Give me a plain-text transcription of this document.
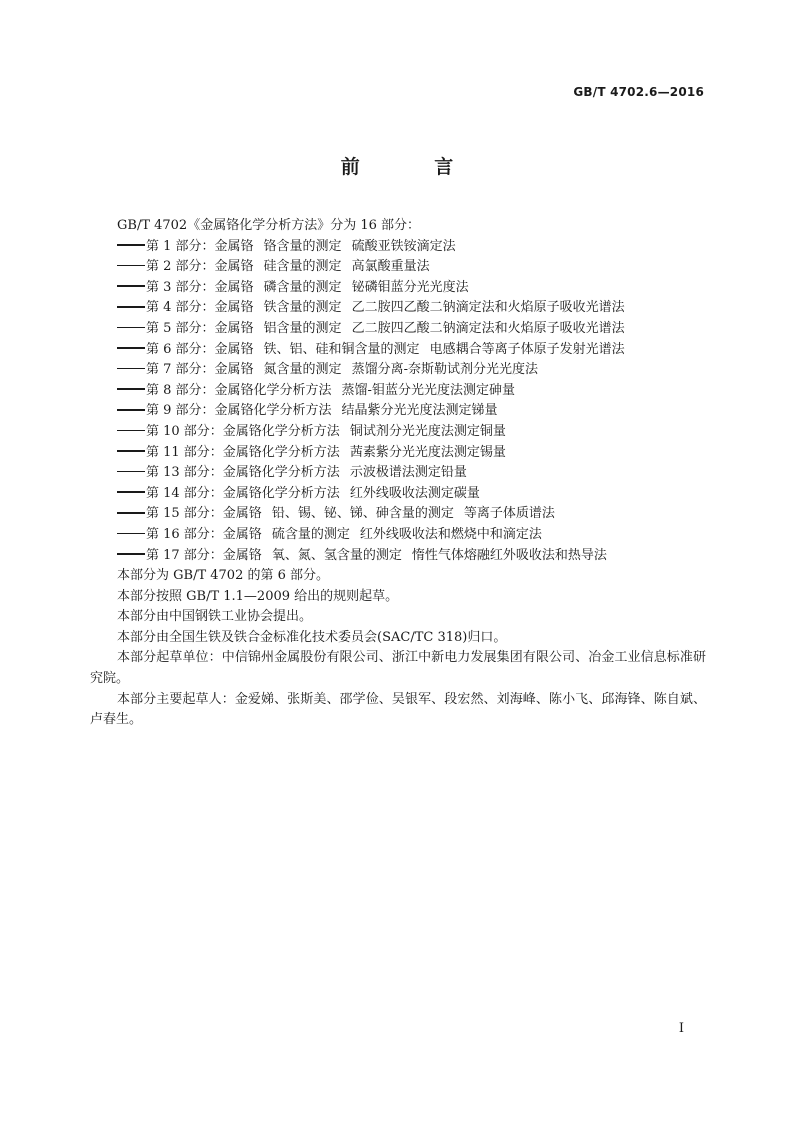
GB/T 4702.6—2016
前 言

GB/T 4702《金属铬化学分析方法》分为 16 部分：

第 1 部分：金属铬 铬含量的测定 硫酸亚铁铵滴定法

第 2 部分：金属铬 硅含量的测定 高氯酸重量法

第 3 部分：金属铬 磷含量的测定 铋磷钼蓝分光光度法

第 4 部分：金属铬 铁含量的测定 乙二胺四乙酸二钠滴定法和火焰原子吸收光谱法

第 5 部分：金属铬 铝含量的测定 乙二胺四乙酸二钠滴定法和火焰原子吸收光谱法

第 6 部分：金属铬 铁、铝、硅和铜含量的测定 电感耦合等离子体原子发射光谱法

第 7 部分：金属铬 氮含量的测定 蒸馏分离-奈斯勒试剂分光光度法

第 8 部分：金属铬化学分析方法 蒸馏-钼蓝分光光度法测定砷量

第 9 部分：金属铬化学分析方法 结晶紫分光光度法测定锑量

第 10 部分：金属铬化学分析方法 铜试剂分光光度法测定铜量

第 11 部分：金属铬化学分析方法 茜素紫分光光度法测定锡量

第 13 部分：金属铬化学分析方法 示波极谱法测定铅量

第 14 部分：金属铬化学分析方法 红外线吸收法测定碳量

第 15 部分：金属铬 铅、锡、铋、锑、砷含量的测定 等离子体质谱法

第 16 部分：金属铬 硫含量的测定 红外线吸收法和燃烧中和滴定法

第 17 部分：金属铬 氧、氮、氢含量的测定 惰性气体熔融红外吸收法和热导法

本部分为 GB/T 4702 的第 6 部分。

本部分按照 GB/T 1.1—2009 给出的规则起草。

本部分由中国钢铁工业协会提出。

本部分由全国生铁及铁合金标准化技术委员会(SAC/TC 318)归口。

本部分起草单位：中信锦州金属股份有限公司、浙江中新电力发展集团有限公司、冶金工业信息标准研究院。

本部分主要起草人：金爱娣、张斯美、邵学俭、吴银军、段宏然、刘海峰、陈小飞、邱海锋、陈自斌、卢春生。

I
